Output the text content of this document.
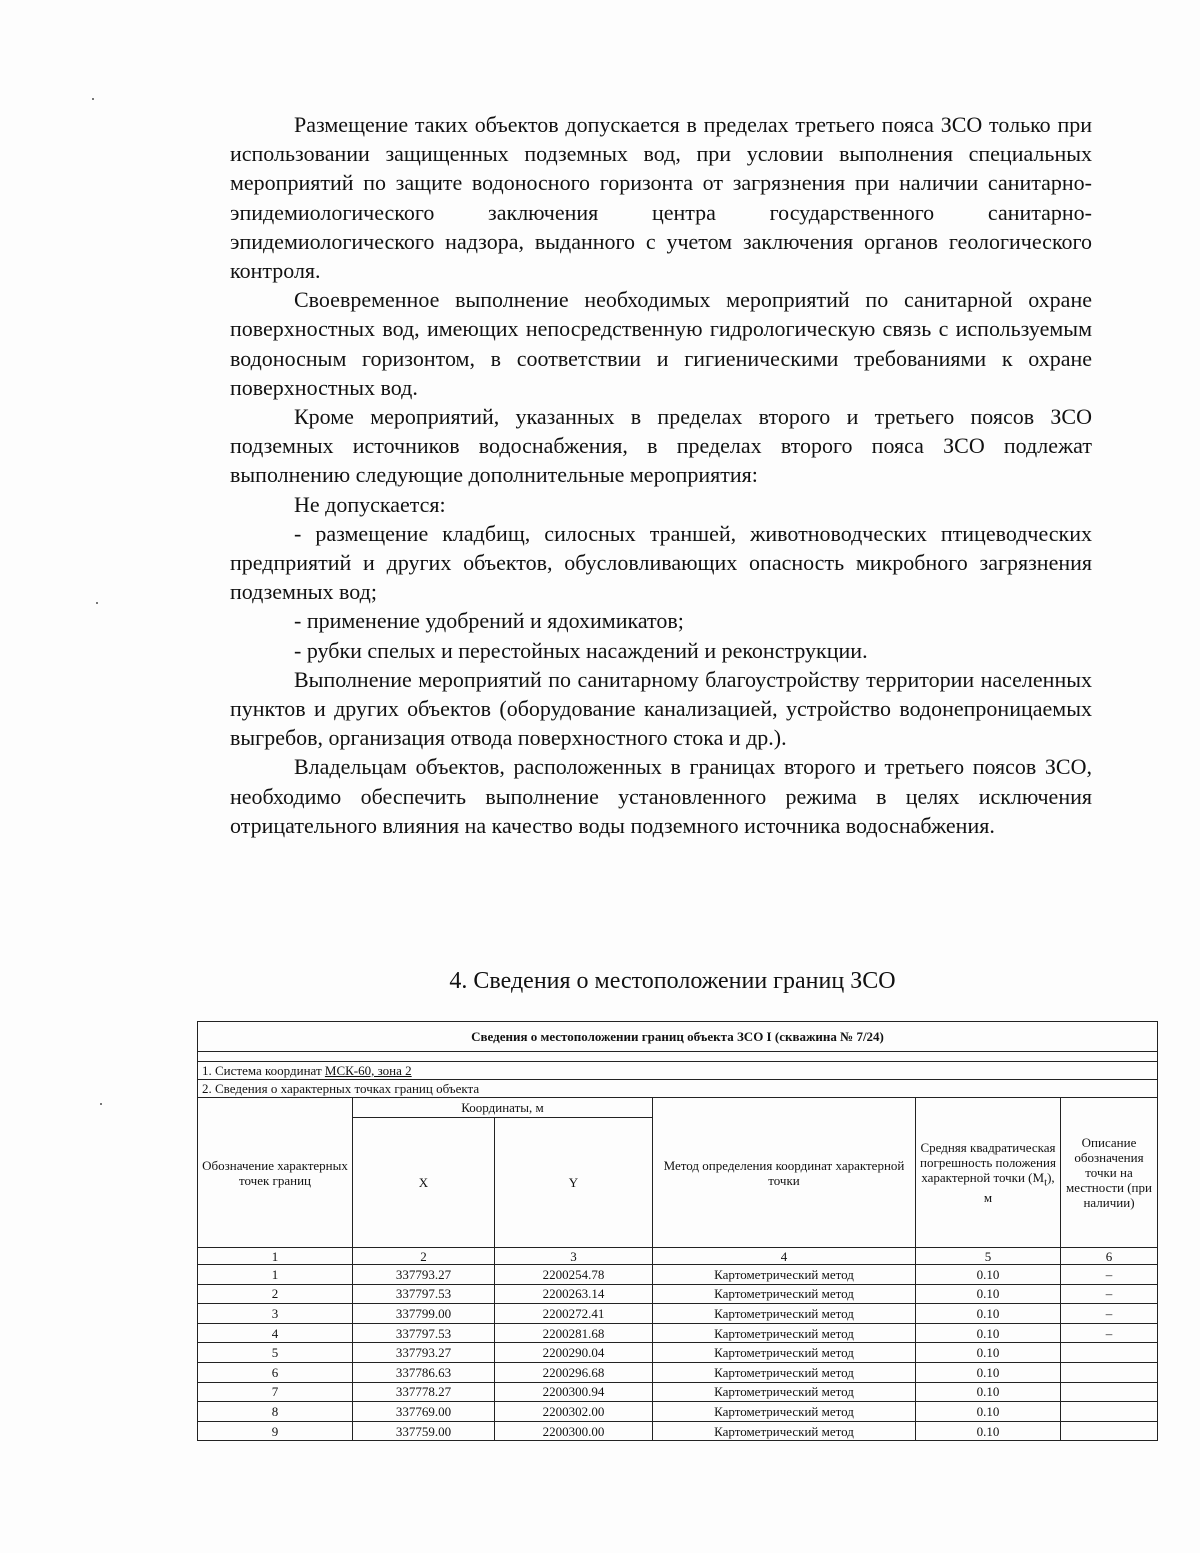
Размещение таких объектов допускается в пределах третьего пояса ЗСО только при использовании защищенных подземных вод, при условии выполнения специальных мероприятий по защите водоносного горизонта от загрязнения при наличии санитарно-эпидемиологического заключения центра государственного санитарно-эпидемиологического надзора, выданного с учетом заключения органов геологического контроля.

Своевременное выполнение необходимых мероприятий по санитарной охране поверхностных вод, имеющих непосредственную гидрологическую связь с используемым водоносным горизонтом, в соответствии и гигиеническими требованиями к охране поверхностных вод.

Кроме мероприятий, указанных в пределах второго и третьего поясов ЗСО подземных источников водоснабжения, в пределах второго пояса ЗСО подлежат выполнению следующие дополнительные мероприятия:

Не допускается:

- размещение кладбищ, силосных траншей, животноводческих птицеводческих предприятий и других объектов, обусловливающих опасность микробного загрязнения подземных вод;

- применение удобрений и ядохимикатов;

- рубки спелых и перестойных насаждений и реконструкции.

Выполнение мероприятий по санитарному благоустройству территории населенных пунктов и других объектов (оборудование канализацией, устройство водонепроницаемых выгребов, организация отвода поверхностного стока и др.).

Владельцам объектов, расположенных в границах второго и третьего поясов ЗСО, необходимо обеспечить выполнение установленного режима в целях исключения отрицательного влияния на качество воды подземного источника водоснабжения.

4. Сведения о местоположении границ ЗСО
Сведения о местоположении границ объекта ЗСО I (скважина № 7/24)					

1. Система координат МСК-60, зона 2					
2. Сведения о характерных точках границ объекта					
Обозначение характерных точек границ	Координаты, м		Метод определения координат характерной точки	Средняя квадратическая погрешность положения характерной точки $(M_t)$, м	Описание обозначения точки на местности (при наличии)
	X	Y			
1	2	3	4	5	6
1	337793.27	2200254.78	Картометрический метод	0.10	–
2	337797.53	2200263.14	Картометрический метод	0.10	–
3	337799.00	2200272.41	Картометрический метод	0.10	–
4	337797.53	2200281.68	Картометрический метод	0.10	–
5	337793.27	2200290.04	Картометрический метод	0.10	
6	337786.63	2200296.68	Картометрический метод	0.10	
7	337778.27	2200300.94	Картометрический метод	0.10	
8	337769.00	2200302.00	Картометрический метод	0.10	
9	337759.00	2200300.00	Картометрический метод	0.10	
